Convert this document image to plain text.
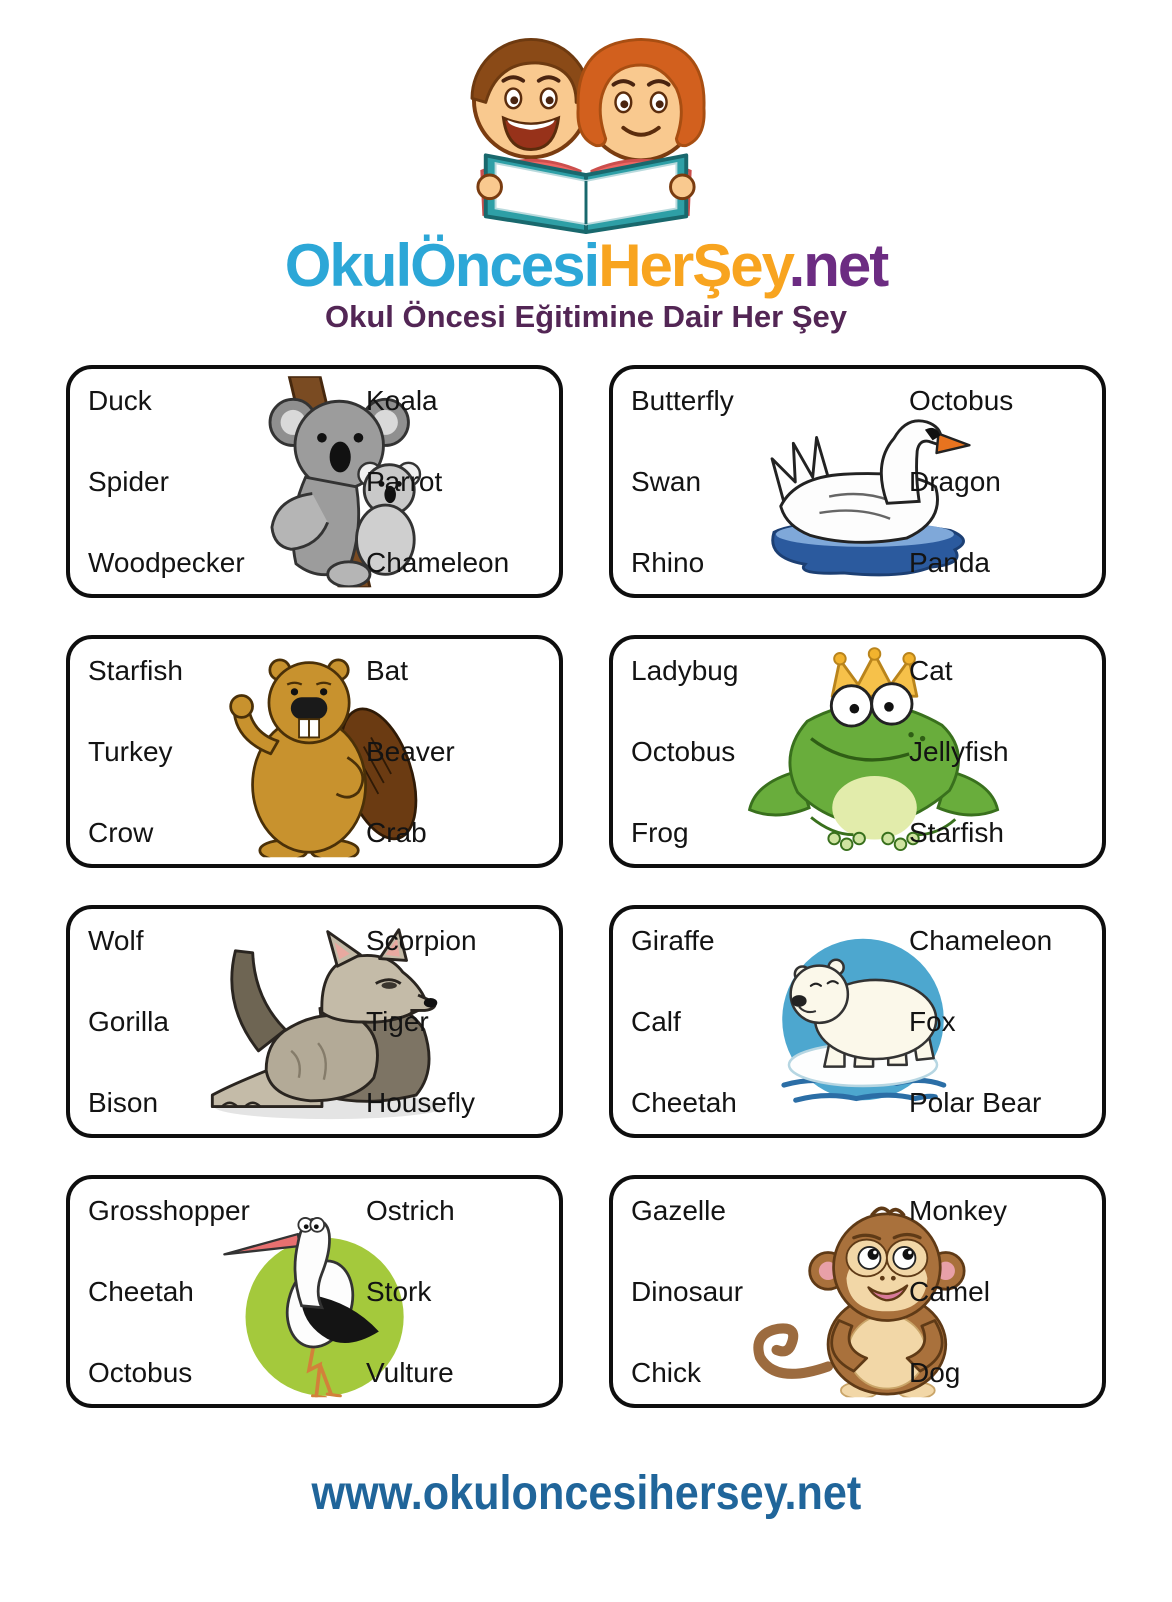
OkulÖncesiHerŞey.net
Okul Öncesi Eğitimine Dair Her Şey
Duck
Spider
Woodpecker
Koala
Parrot
Chameleon
Butterfly
Swan
Rhino
Octobus
Dragon
Panda
Starfish
Turkey
Crow
Bat
Beaver
Crab
Ladybug
Octobus
Frog
Cat
Jellyfish
Starfish
Wolf
Gorilla
Bison
Scorpion
Tiger
Housefly
Giraffe
Calf
Cheetah
Chameleon
Fox
Polar Bear
Grosshopper
Cheetah
Octobus
Ostrich
Stork
Vulture
Gazelle
Dinosaur
Chick
Monkey
Camel
Dog
www.okuloncesihersey.net
